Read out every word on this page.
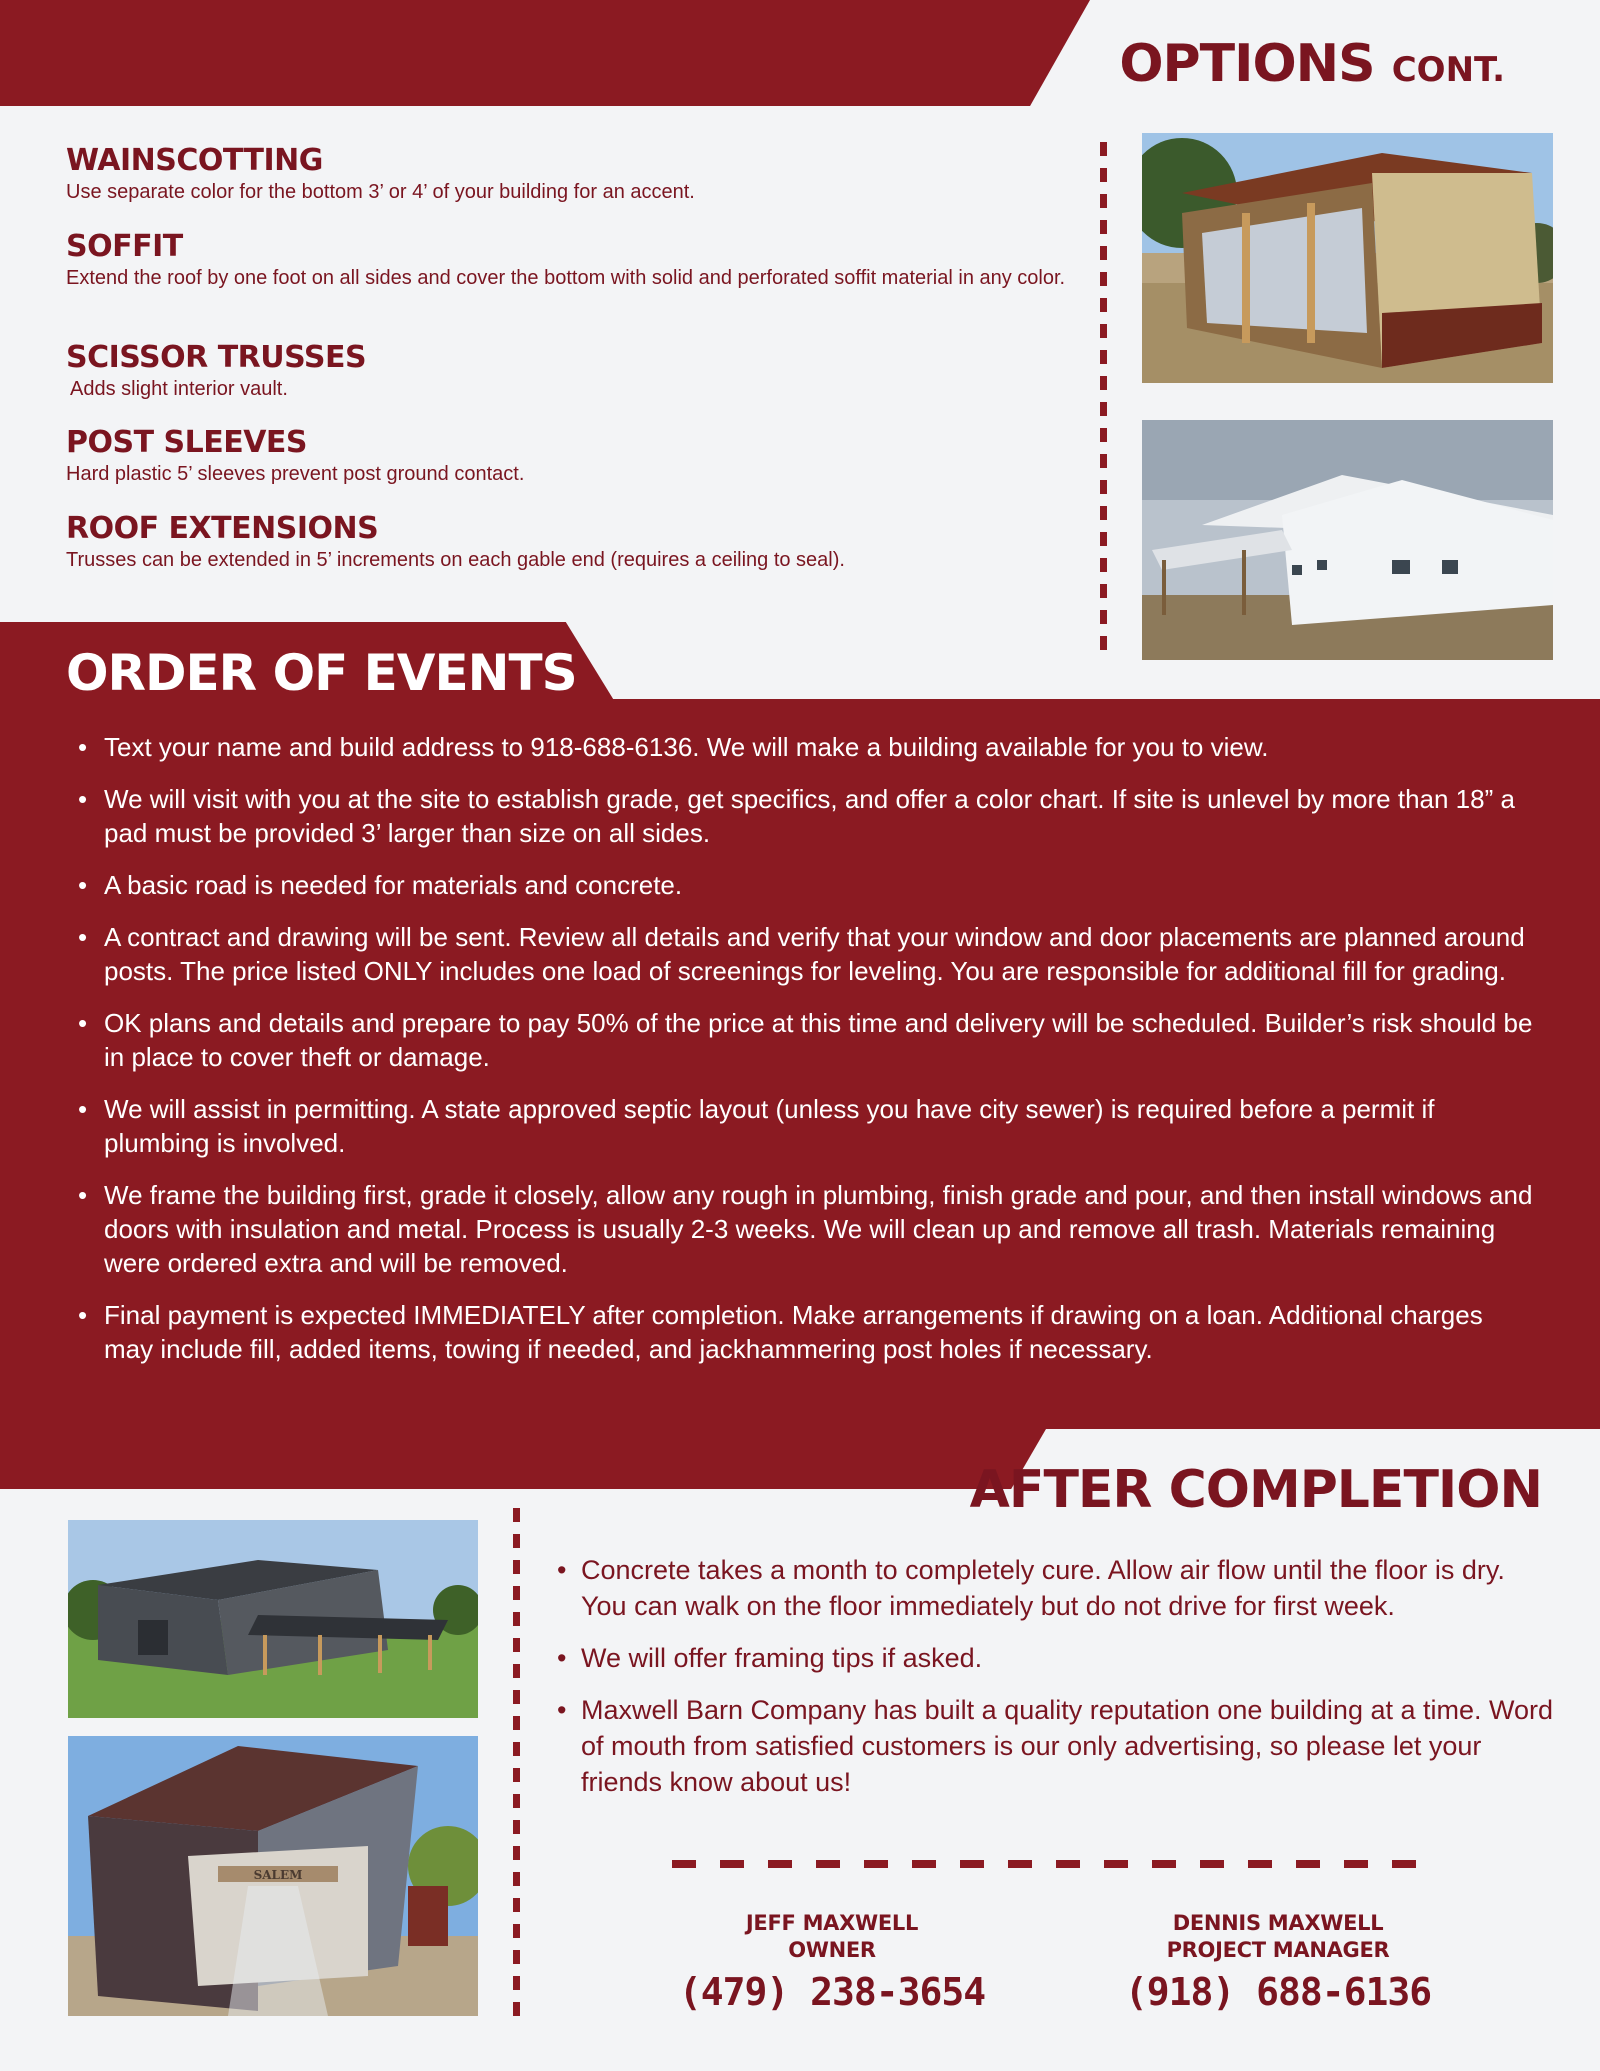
OPTIONS CONT.

WAINSCOTTING

Use separate color for the bottom 3’ or 4’ of your building for an accent.

SOFFIT

Extend the roof by one foot on all sides and cover the bottom with solid and perforated soffit material in any color.

SCISSOR TRUSSES

Adds slight interior vault.

POST SLEEVES

Hard plastic 5’ sleeves prevent post ground contact.

ROOF EXTENSIONS

Trusses can be extended in 5’ increments on each gable end (requires a ceiling to seal).

ORDER OF EVENTS
• Text your name and build address to 918-688-6136. We will make a building available for you to view.
• We will visit with you at the site to establish grade, get specifics, and offer a color chart. If site is unlevel by more than 18” a pad must be provided 3’ larger than size on all sides.
• A basic road is needed for materials and concrete.
• A contract and drawing will be sent. Review all details and verify that your window and door placements are planned around posts. The price listed ONLY includes one load of screenings for leveling. You are responsible for additional fill for grading.
• OK plans and details and prepare to pay 50% of the price at this time and delivery will be scheduled. Builder’s risk should be in place to cover theft or damage.
• We will assist in permitting. A state approved septic layout (unless you have city sewer) is required before a permit if plumbing is involved.
• We frame the building first, grade it closely, allow any rough in plumbing, finish grade and pour, and then install windows and doors with insulation and metal. Process is usually 2-3 weeks. We will clean up and remove all trash. Materials remaining were ordered extra and will be removed.
• Final payment is expected IMMEDIATELY after completion. Make arrangements if drawing on a loan. Additional charges may include fill, added items, towing if needed, and jackhammering post holes if necessary.
AFTER COMPLETION
SALEM
• Concrete takes a month to completely cure. Allow air flow until the floor is dry. You can walk on the floor immediately but do not drive for first week.
• We will offer framing tips if asked.
• Maxwell Barn Company has built a quality reputation one building at a time. Word of mouth from satisfied customers is our only advertising, so please let your friends know about us!
JEFF MAXWELL
OWNER
(479) 238-3654
DENNIS MAXWELL
PROJECT MANAGER
(918) 688-6136
